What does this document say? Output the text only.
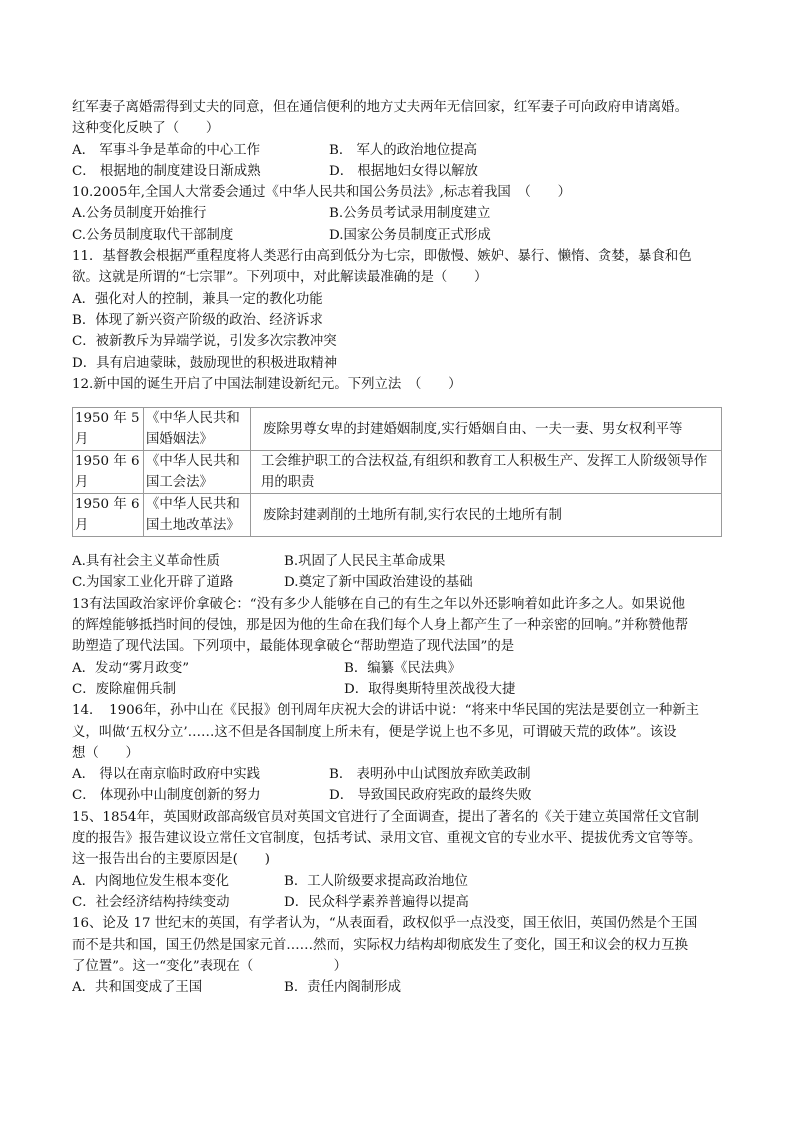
红军妻子离婚需得到丈夫的同意，但在通信便利的地方丈夫两年无信回家，红军妻子可向政府申请离婚。
这种变化反映了（　　）
A． 军事斗争是革命的中心工作	B． 军人的政治地位提高
C． 根据地的制度建设日渐成熟	D． 根据地妇女得以解放
10.2005年,全国人大常委会通过《中华人民共和国公务员法》,标志着我国　（　　）
A.公务员制度开始推行	B.公务员考试录用制度建立
C.公务员制度取代干部制度	D.国家公务员制度正式形成
11．基督教会根据严重程度将人类恶行由高到低分为七宗，即傲慢、嫉妒、暴行、懒惰、贪婪，暴食和色
欲。这就是所谓的“七宗罪”。下列项中，对此解读最准确的是（　　）
A．强化对人的控制，兼具一定的教化功能
B．体现了新兴资产阶级的政治、经济诉求
C．被新教斥为异端学说，引发多次宗教冲突
D．具有启迪蒙昧，鼓励现世的积极进取精神
12.新中国的诞生开启了中国法制建设新纪元。下列立法　（　　）
1950 年 5 月	《中华人民共和国婚姻法》	废除男尊女卑的封建婚姻制度,实行婚姻自由、一夫一妻、男女权利平等
1950 年 6 月	《中华人民共和国工会法》	工会维护职工的合法权益,有组织和教育工人积极生产、发挥工人阶级领导作用的职责
1950 年 6 月	《中华人民共和国土地改革法》	废除封建剥削的土地所有制,实行农民的土地所有制
A.具有社会主义革命性质	B.巩固了人民民主革命成果
C.为国家工业化开辟了道路	D.奠定了新中国政治建设的基础
13有法国政治家评价拿破仑：“没有多少人能够在自己的有生之年以外还影响着如此许多之人。如果说他
的辉煌能够抵挡时间的侵蚀，那是因为他的生命在我们每个人身上都产生了一种亲密的回响。”并称赞他帮
助塑造了现代法国。下列项中，最能体现拿破仑“帮助塑造了现代法国”的是
A．发动“雾月政变”	B．编纂《民法典》
C．废除雇佣兵制	D．取得奥斯特里茨战役大捷
14．　1906年，孙中山在《民报》创刊周年庆祝大会的讲话中说：“将来中华民国的宪法是要创立一种新主
义，叫做‘五权分立’……这不但是各国制度上所未有，便是学说上也不多见，可谓破天荒的政体”。该设
想（　　）
A． 得以在南京临时政府中实践	B． 表明孙中山试图放弃欧美政制
C． 体现孙中山制度创新的努力	D． 导致国民政府宪政的最终失败
15、1854年，英国财政部高级官员对英国文官进行了全面调查，提出了著名的《关于建立英国常任文官制
度的报告》报告建议设立常任文官制度，包括考试、录用文官、重视文官的专业水平、提拔优秀文官等等。
这一报告出台的主要原因是(　　)
A．内阁地位发生根本变化	B．工人阶级要求提高政治地位
C．社会经济结构持续变动	D．民众科学素养普遍得以提高
16、论及 17 世纪末的英国，有学者认为，“从表面看，政权似乎一点没变，国王依旧，英国仍然是个王国
而不是共和国，国王仍然是国家元首……然而，实际权力结构却彻底发生了变化，国王和议会的权力互换
了位置”。这一“变化”表现在（　　　　　　）
A．共和国变成了王国	B．责任内阁制形成
